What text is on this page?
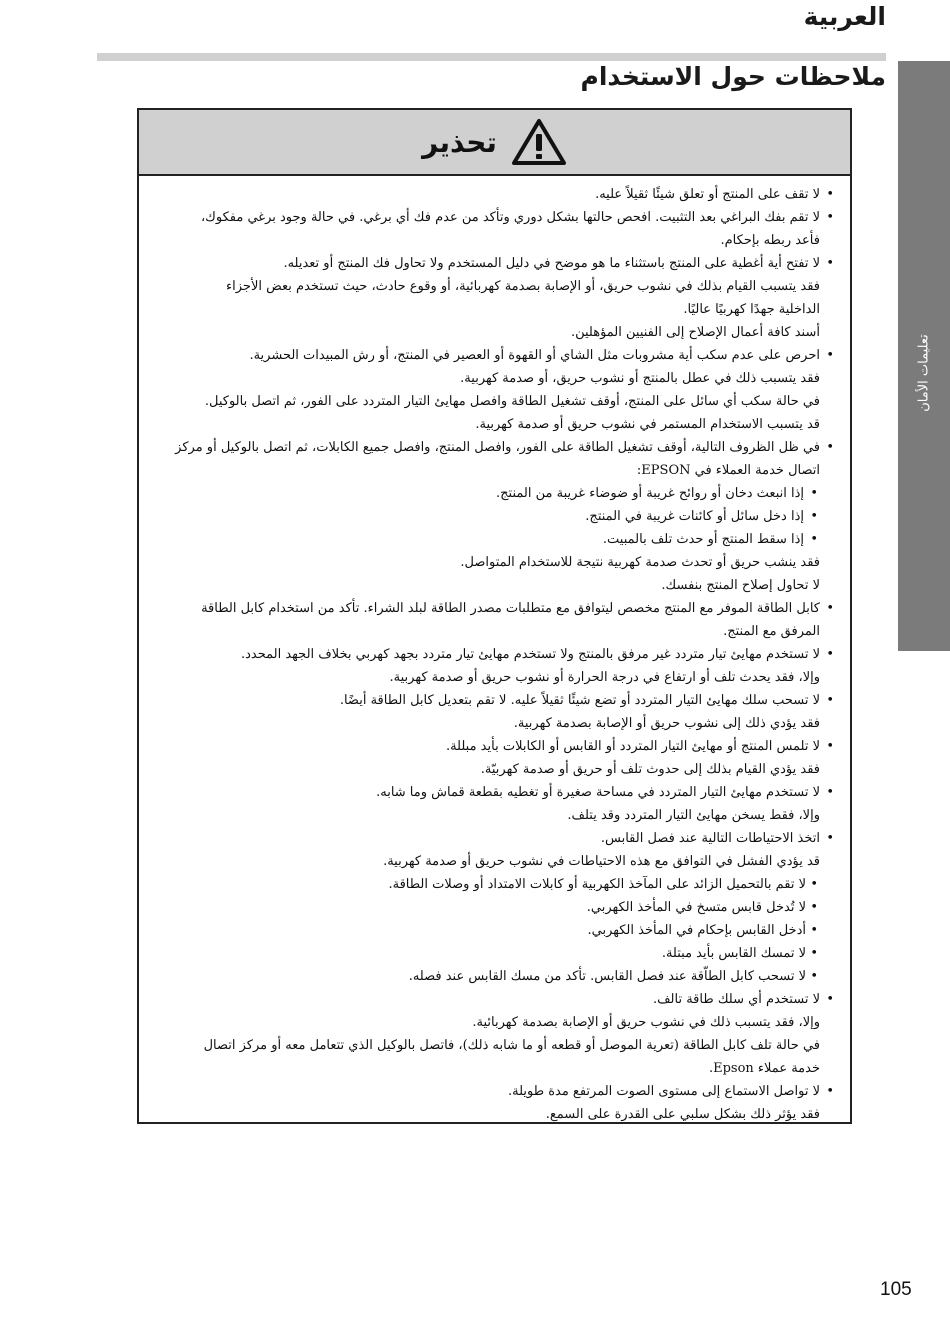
العربية
ملاحظات حول الاستخدام
تعليمات الأمان
تحذير
• لا تقف على المنتج أو تعلق شيئًا ثقيلاً عليه.
• لا تقم بفك البراغي بعد التثبيت. افحص حالتها بشكل دوري وتأكد من عدم فك أي برغي. في حالة وجود برغي مفكوك،
فأعد ربطه بإحكام.
• لا تفتح أية أغطية على المنتج باستثناء ما هو موضح في دليل المستخدم ولا تحاول فك المنتج أو تعديله.
فقد يتسبب القيام بذلك في نشوب حريق، أو الإصابة بصدمة كهربائية، أو وقوع حادث، حيث تستخدم بعض الأجزاء
الداخلية جهدًا كهربيًا عاليًا.
أسند كافة أعمال الإصلاح إلى الفنيين المؤهلين.
• احرص على عدم سكب أية مشروبات مثل الشاي أو القهوة أو العصير في المنتج، أو رش المبيدات الحشرية.
فقد يتسبب ذلك في عطل بالمنتج أو نشوب حريق، أو صدمة كهربية.
في حالة سكب أي سائل على المنتج، أوقف تشغيل الطاقة وافصل مهايئ التيار المتردد على الفور، ثم اتصل بالوكيل.
قد يتسبب الاستخدام المستمر في نشوب حريق أو صدمة كهربية.
• في ظل الظروف التالية، أوقف تشغيل الطاقة على الفور، وافصل المنتج، وافصل جميع الكابلات، ثم اتصل بالوكيل أو مركز
اتصال خدمة العملاء في EPSON:
• إذا انبعث دخان أو روائح غريبة أو ضوضاء غريبة من المنتج.
• إذا دخل سائل أو كائنات غريبة في المنتج.
• إذا سقط المنتج أو حدث تلف بالمبيت.
فقد ينشب حريق أو تحدث صدمة كهربية نتيجة للاستخدام المتواصل.
لا تحاول إصلاح المنتج بنفسك.
• كابل الطاقة الموفر مع المنتج مخصص ليتوافق مع متطلبات مصدر الطاقة لبلد الشراء. تأكد من استخدام كابل الطاقة
المرفق مع المنتج.
• لا تستخدم مهايئ تيار متردد غير مرفق بالمنتج ولا تستخدم مهايئ تيار متردد بجهد كهربي بخلاف الجهد المحدد.
وإلا، فقد يحدث تلف أو ارتفاع في درجة الحرارة أو نشوب حريق أو صدمة كهربية.
• لا تسحب سلك مهايئ التيار المتردد أو تضع شيئًا ثقيلاً عليه. لا تقم بتعديل كابل الطاقة أيضًا.
فقد يؤدي ذلك إلى نشوب حريق أو الإصابة بصدمة كهربية.
• لا تلمس المنتج أو مهايئ التيار المتردد أو القابس أو الكابلات بأيد مبللة.
فقد يؤدي القيام بذلك إلى حدوث تلف أو حريق أو صدمة كهربيّة.
• لا تستخدم مهايئ التيار المتردد في مساحة صغيرة أو تغطيه بقطعة قماش وما شابه.
وإلا، فقط يسخن مهايئ التيار المتردد وقد يتلف.
• اتخذ الاحتياطات التالية عند فصل القابس.
قد يؤدي الفشل في التوافق مع هذه الاحتياطات في نشوب حريق أو صدمة كهربية.
• لا تقم بالتحميل الزائد على المآخذ الكهربية أو كابلات الامتداد أو وصلات الطاقة.
• لا تُدخل قابس متسخ في المأخذ الكهربي.
• أدخل القابس بإحكام في المأخذ الكهربي.
• لا تمسك القابس بأيد مبتلة.
• لا تسحب كابل الطاّقة عند فصل القابس. تأكد من مسك القابس عند فصله.
• لا تستخدم أي سلك طاقة تالف.
وإلا، فقد يتسبب ذلك في نشوب حريق أو الإصابة بصدمة كهربائية.
في حالة تلف كابل الطاقة (تعرية الموصل أو قطعه أو ما شابه ذلك)، فاتصل بالوكيل الذي تتعامل معه أو مركز اتصال
خدمة عملاء Epson.
• لا تواصل الاستماع إلى مستوى الصوت المرتفع مدة طويلة.
فقد يؤثر ذلك بشكل سلبي على القدرة على السمع.
105
